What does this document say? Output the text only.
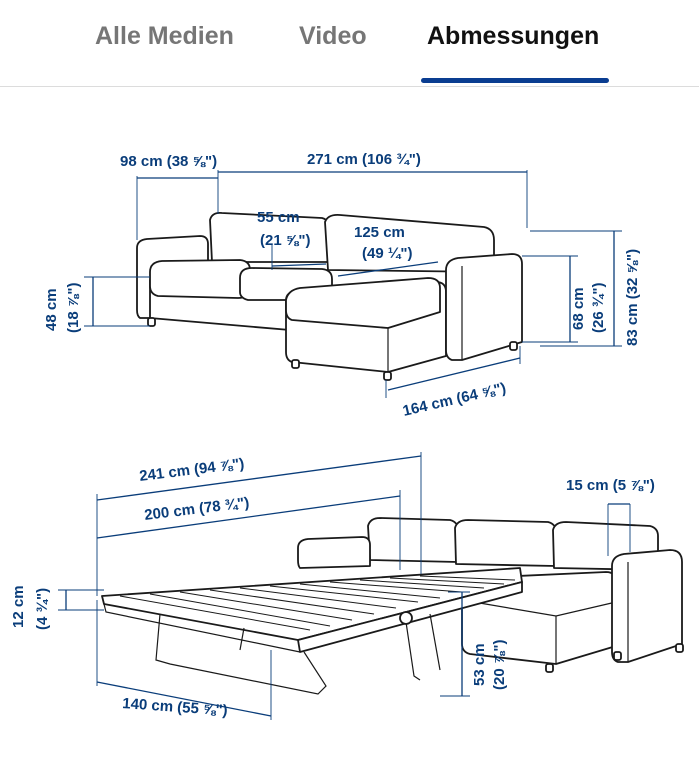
Alle Medien	Video Abmessungen
98 cm (38 ⅝")	271 cm (106 ¾")
55 cm
(21 ⅝")	125 cm
(49 ¼")
48 cm (18 ⅞")	68 cm (26 ¾") 83 cm (32 ⅝")
164 cm (64 ⅝")
241 cm (94 ⅞")
200 cm (78 ¾")
15 cm (5 ⅞")
12 cm (4 ¾")
53 cm (20 ⅞")
140 cm (55 ⅝")
